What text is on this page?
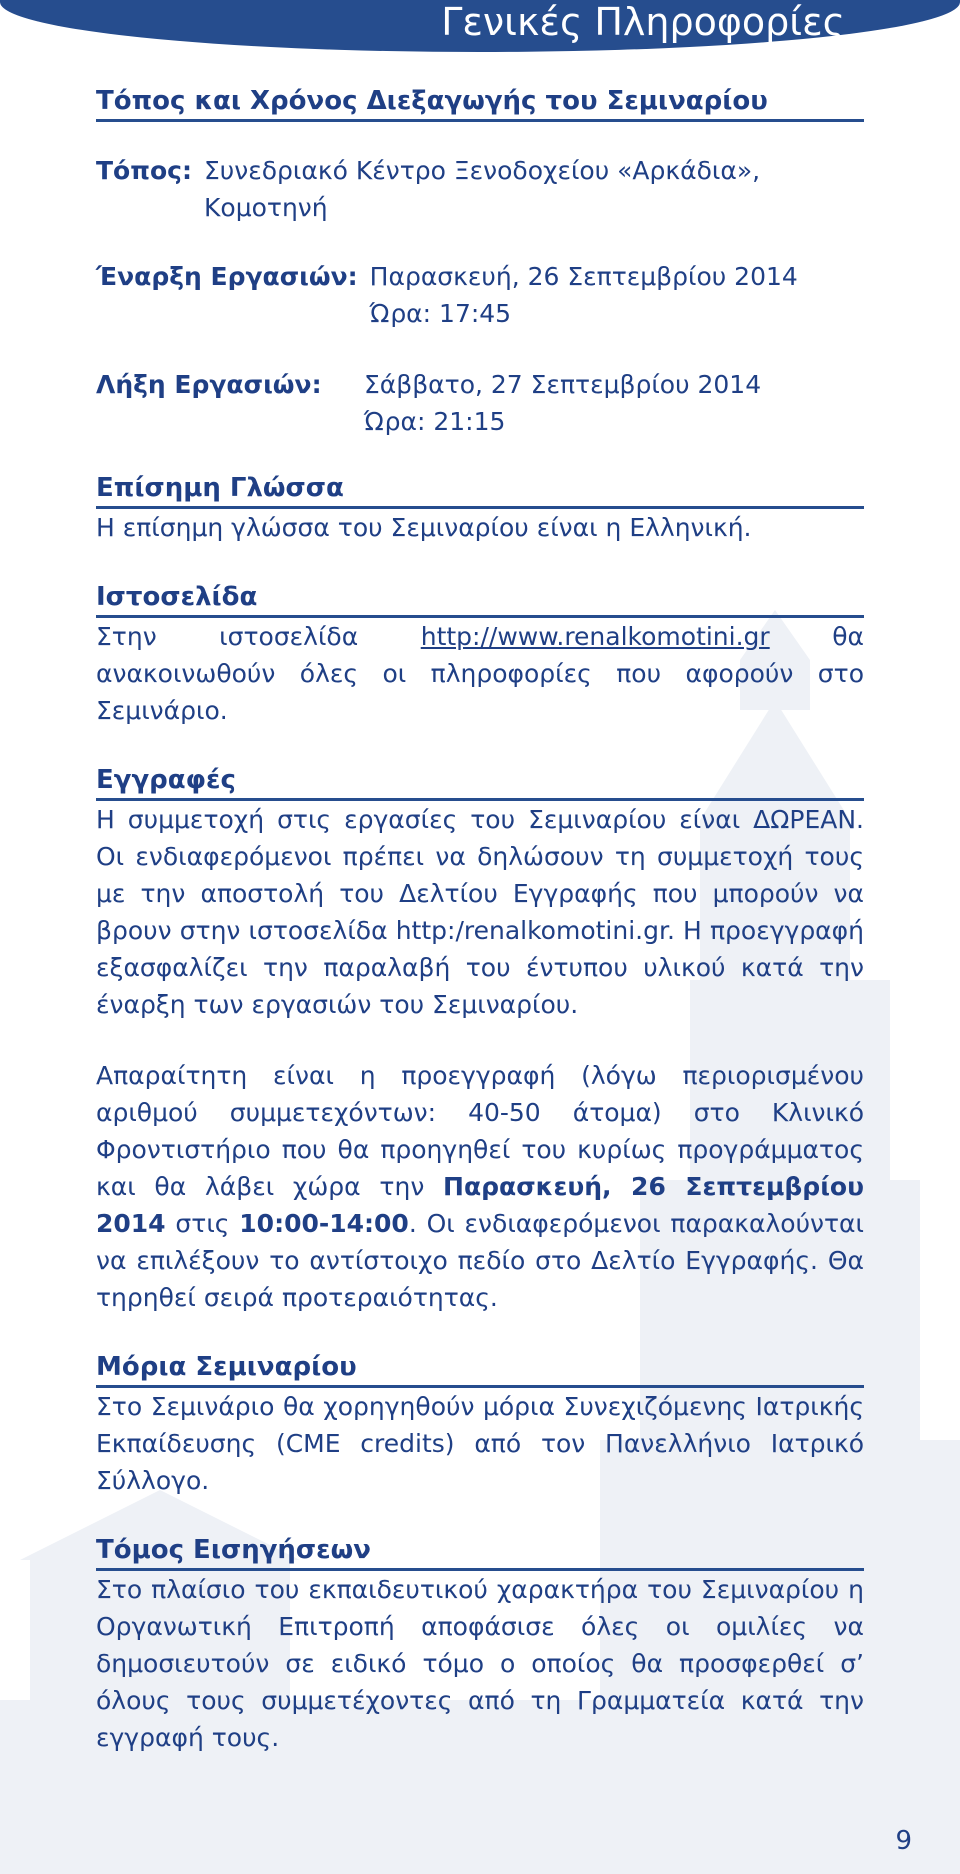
Γενικές Πληροφορίες
Τόπος και Χρόνος Διεξαγωγής του Σεμιναρίου
Τόπος: Συνεδριακό Κέντρο Ξενοδοχείου «Αρκάδια»,
Κομοτηνή
Έναρξη Εργασιών: Παρασκευή, 26 Σεπτεμβρίου 2014
Ώρα: 17:45
Λήξη Εργασιών:	Σάββατο, 27 Σεπτεμβρίου 2014
Ώρα: 21:15
Επίσημη Γλώσσα

Η επίσημη γλώσσα του Σεμιναρίου είναι η Ελληνική.

Ιστοσελίδα

Στην ιστοσελίδα http://www.renalkomotini.gr θα ανακοινωθούν όλες οι πληροφορίες που αφορούν στο Σεμινάριο.

Εγγραφές

Η συμμετοχή στις εργασίες του Σεμιναρίου είναι ΔΩΡΕΑΝ. Οι ενδιαφερόμενοι πρέπει να δηλώσουν τη συμμετοχή τους με την αποστολή του Δελτίου Εγγραφής που μπορούν να βρουν στην ιστοσελίδα http:/renalkomotini.gr. Η προεγγραφή εξασφαλίζει την παραλαβή του έντυπου υλικού κατά την έναρξη των εργασιών του Σεμιναρίου.

Απαραίτητη είναι η προεγγραφή (λόγω περιορισμένου αριθμού συμμετεχόντων: 40-50 άτομα) στο Κλινικό Φροντιστήριο που θα προηγηθεί του κυρίως προγράμματος και θα λάβει χώρα την Παρασκευή, 26 Σεπτεμβρίου 2014 στις 10:00-14:00. Οι ενδιαφερόμενοι παρακαλούνται να επιλέξουν το αντίστοιχο πεδίο στο Δελτίο Εγγραφής. Θα τηρηθεί σειρά προτεραιότητας.

Μόρια Σεμιναρίου

Στο Σεμινάριο θα χορηγηθούν μόρια Συνεχιζόμενης Ιατρικής Εκπαίδευσης (CME credits) από τον Πανελλήνιο Ιατρικό Σύλλογο.

Τόμος Εισηγήσεων

Στο πλαίσιο του εκπαιδευτικού χαρακτήρα του Σεμιναρίου η Οργανωτική Επιτροπή αποφάσισε όλες οι ομιλίες να δημοσιευτούν σε ειδικό τόμο ο οποίος θα προσφερθεί σ’ όλους τους συμμετέχοντες από τη Γραμματεία κατά την εγγραφή τους.

9
